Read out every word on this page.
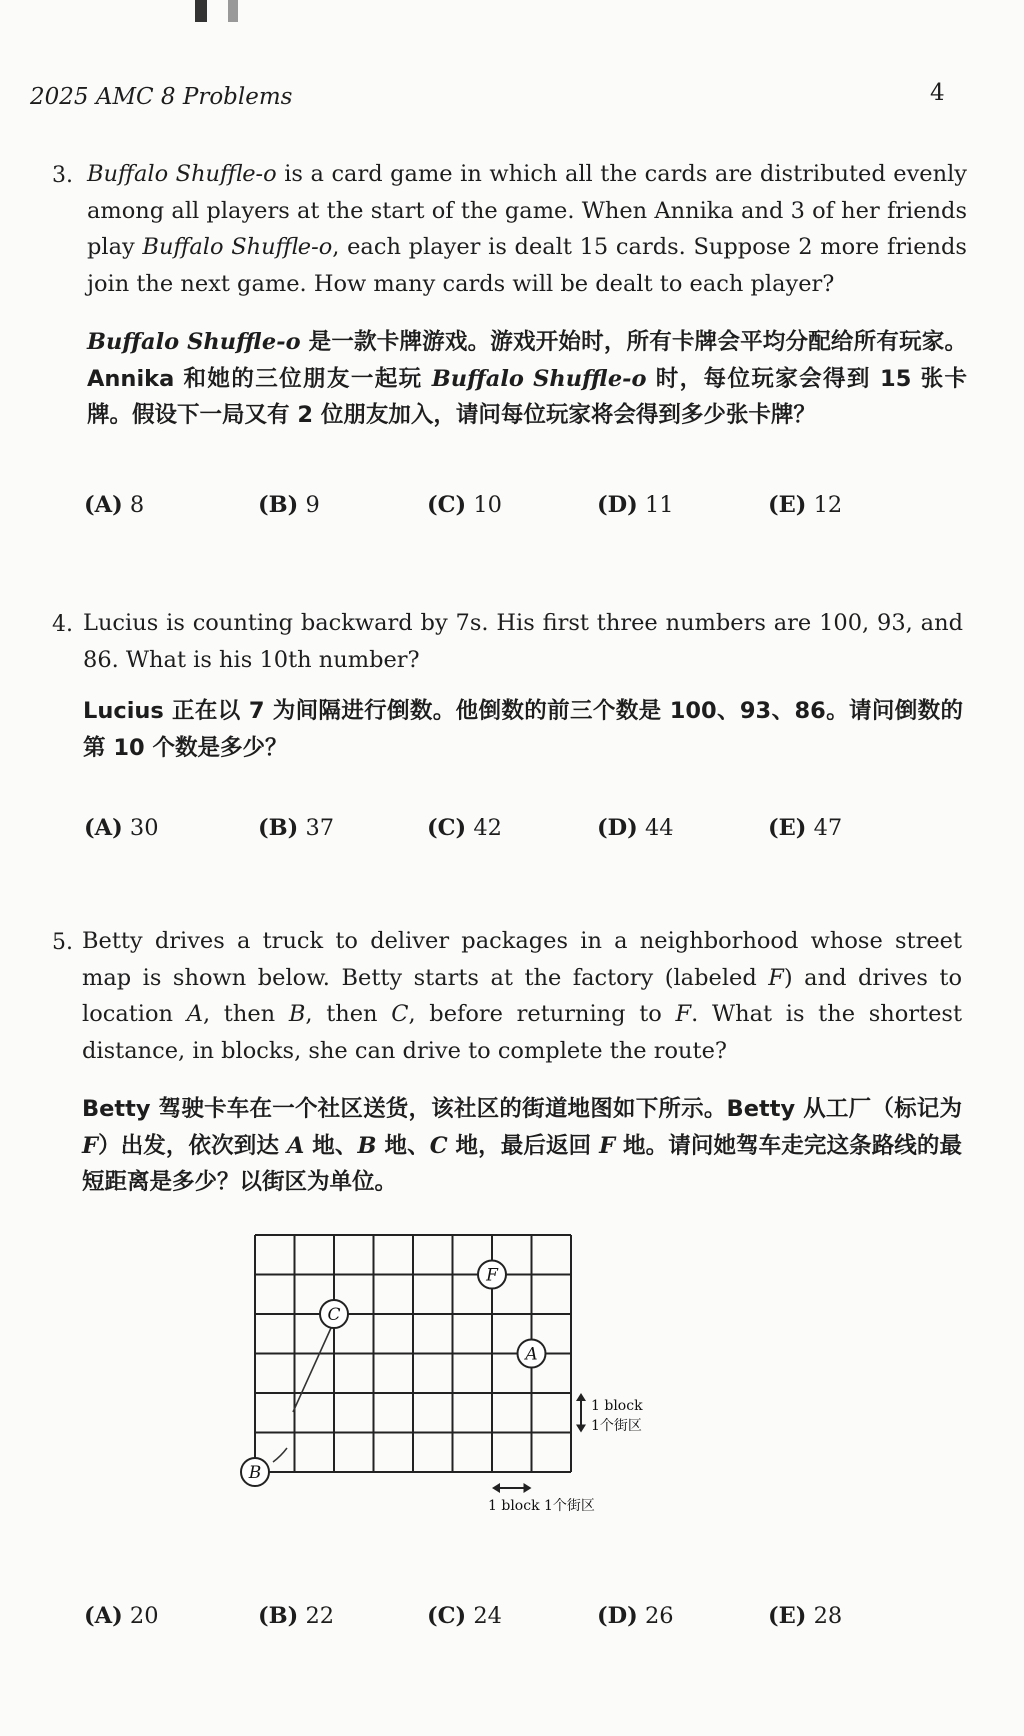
2025 AMC 8 Problems	4
3. Buffalo Shuffle-o is a card game in which all the cards are distributed evenly among all players at the start of the game. When Annika and 3 of her friends play Buffalo Shuffle-o, each player is dealt 15 cards. Suppose 2 more friends join the next game. How many cards will be dealt to each player?
Buffalo Shuffle-o 是一款卡牌游戏。游戏开始时，所有卡牌会平均分配给所有玩家。Annika 和她的三位朋友一起玩 Buffalo Shuffle-o 时，每位玩家会得到 15 张卡牌。假设下一局又有 2 位朋友加入，请问每位玩家将会得到多少张卡牌？
(A) 8	(B) 9	(C) 10	(D) 11	(E) 12
4. Lucius is counting backward by 7s. His first three numbers are 100, 93, and 86. What is his 10th number?
Lucius 正在以 7 为间隔进行倒数。他倒数的前三个数是 100、93、86。请问倒数的第 10 个数是多少？
(A) 30	(B) 37	(C) 42	(D) 44	(E) 47
5. Betty drives a truck to deliver packages in a neighborhood whose street map is shown below. Betty starts at the factory (labeled F) and drives to location A, then B, then C, before returning to F. What is the shortest distance, in blocks, she can drive to complete the route?
Betty 驾驶卡车在一个社区送货，该社区的街道地图如下所示。Betty 从工厂（标记为 F）出发，依次到达 A 地、B 地、C 地，最后返回 F 地。请问她驾车走完这条路线的最短距离是多少？以街区为单位。
F
C
A
B
1 block
1个街区
1 block 1个街区
(A) 20	(B) 22	(C) 24	(D) 26	(E) 28
